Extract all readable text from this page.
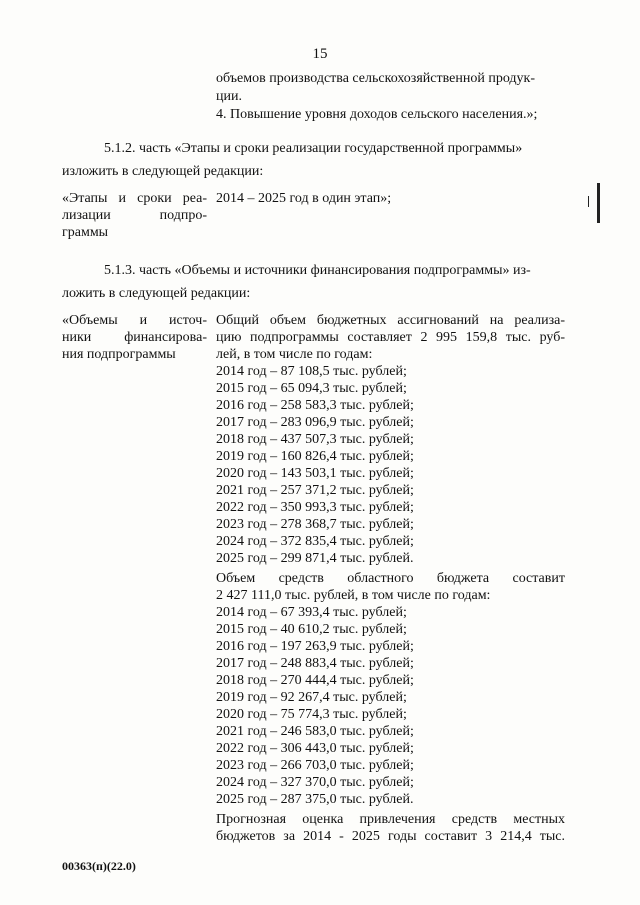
15
объемов производства сельскохозяйственной продук-
ции.
4. Повышение уровня доходов сельского населения.»;
5.1.2. часть «Этапы и сроки реализации государственной программы»
изложить в следующей редакции:
«Этапы и сроки реа-
лизации подпро-
граммы
2014 – 2025 год в один этап»;
5.1.3. часть «Объемы и источники финансирования подпрограммы» из-
ложить в следующей редакции:
«Объемы и источ-
ники финансирова-
ния подпрограммы
Общий объем бюджетных ассигнований на реализа-
цию подпрограммы составляет 2 995 159,8 тыс. руб-
лей, в том числе по годам:
2014 год – 87 108,5 тыс. рублей;
2015 год – 65 094,3 тыс. рублей;
2016 год – 258 583,3 тыс. рублей;
2017 год – 283 096,9 тыс. рублей;
2018 год – 437 507,3 тыс. рублей;
2019 год – 160 826,4 тыс. рублей;
2020 год – 143 503,1 тыс. рублей;
2021 год – 257 371,2 тыс. рублей;
2022 год – 350 993,3 тыс. рублей;
2023 год – 278 368,7 тыс. рублей;
2024 год – 372 835,4 тыс. рублей;
2025 год – 299 871,4 тыс. рублей.
Объем средств областного бюджета составит
2 427 111,0 тыс. рублей, в том числе по годам:
2014 год – 67 393,4 тыс. рублей;
2015 год – 40 610,2 тыс. рублей;
2016 год – 197 263,9 тыс. рублей;
2017 год – 248 883,4 тыс. рублей;
2018 год – 270 444,4 тыс. рублей;
2019 год – 92 267,4 тыс. рублей;
2020 год – 75 774,3 тыс. рублей;
2021 год – 246 583,0 тыс. рублей;
2022 год – 306 443,0 тыс. рублей;
2023 год – 266 703,0 тыс. рублей;
2024 год – 327 370,0 тыс. рублей;
2025 год – 287 375,0 тыс. рублей.
Прогнозная оценка привлечения средств местных
бюджетов за 2014 - 2025 годы составит 3 214,4 тыс.
00363(п)(22.0)
